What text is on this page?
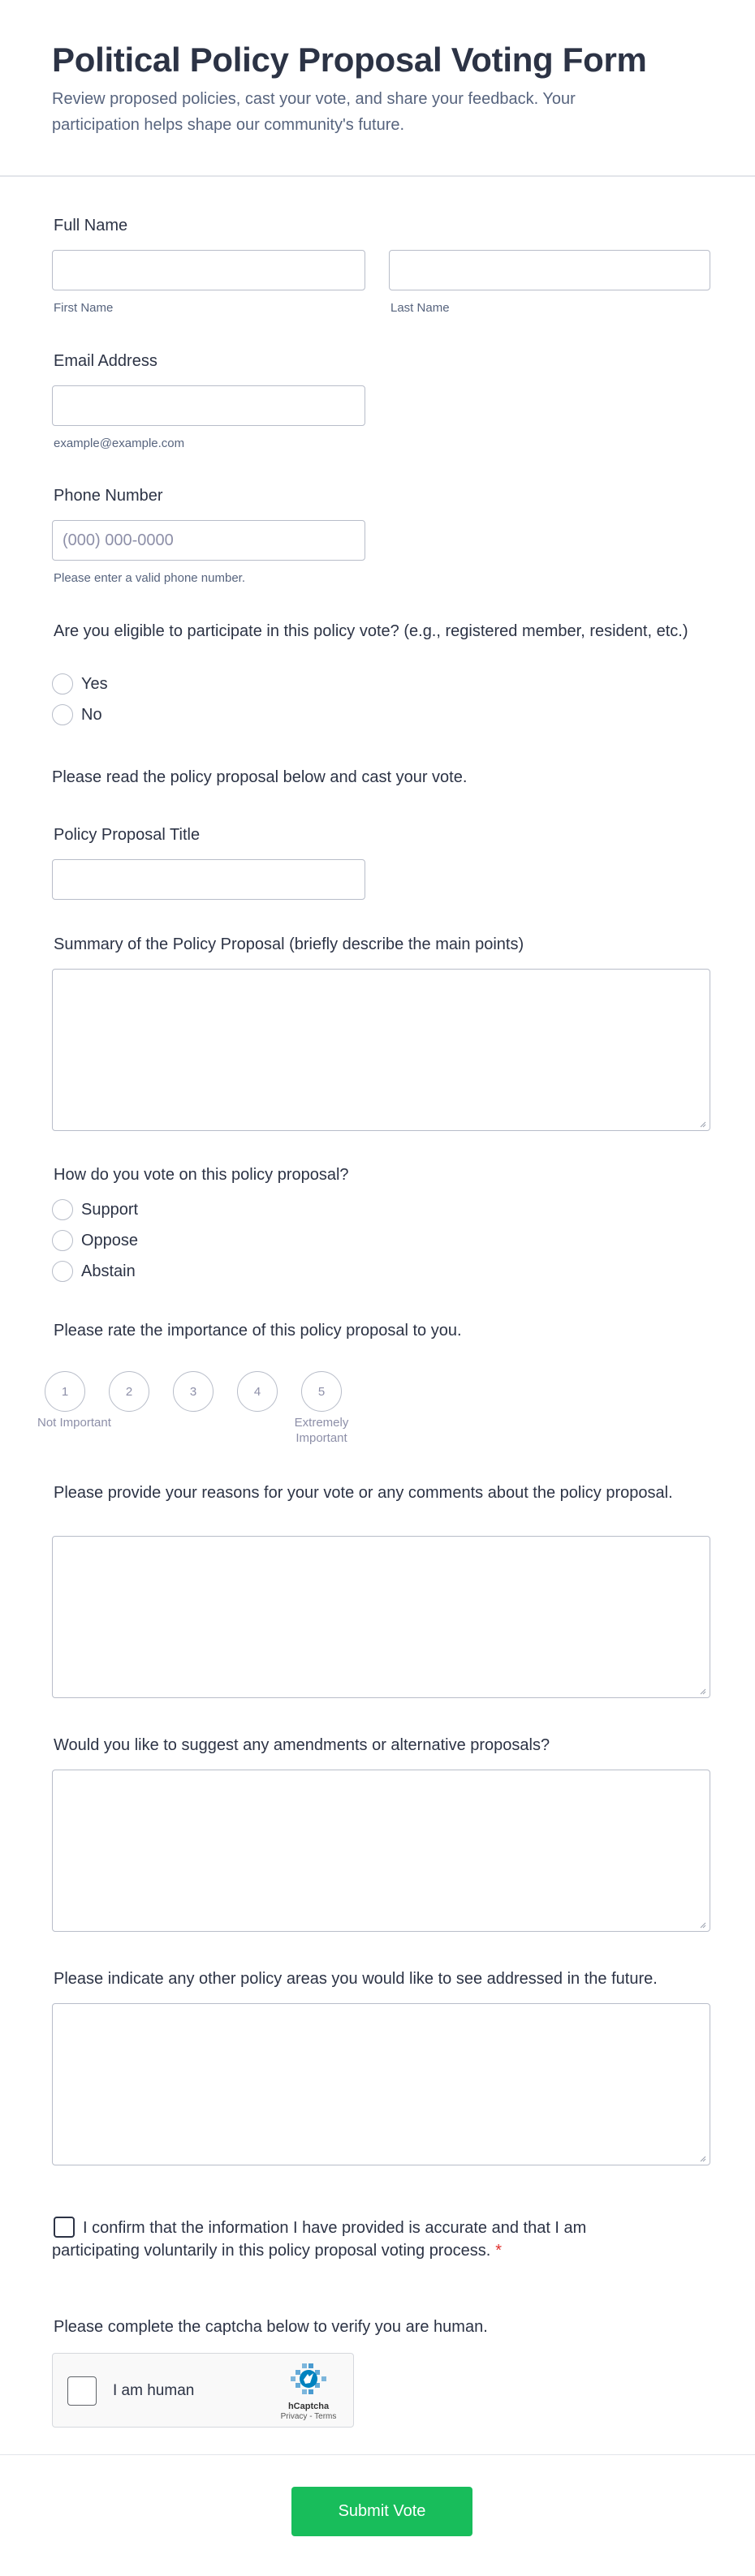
Political Policy Proposal Voting Form

Review proposed policies, cast your vote, and share your feedback. Your participation helps shape our community's future.

Full Name
First Name	Last Name
Email Address
example@example.com
Phone Number
(000) 000-0000
Please enter a valid phone number.
Are you eligible to participate in this policy vote? (e.g., registered member, resident, etc.)
Yes
No
Please read the policy proposal below and cast your vote.
Policy Proposal Title
Summary of the Policy Proposal (briefly describe the main points)
How do you vote on this policy proposal?
Support
Oppose
Abstain
Please rate the importance of this policy proposal to you.
1	2	3	4	5
Not Important	Extremely Important
Please provide your reasons for your vote or any comments about the policy proposal.
Would you like to suggest any amendments or alternative proposals?
Please indicate any other policy areas you would like to see addressed in the future.
I confirm that the information I have provided is accurate and that I am participating voluntarily in this policy proposal voting process. *
Please complete the captcha below to verify you are human.
I am human
hCaptcha
Privacy - Terms
Submit Vote
